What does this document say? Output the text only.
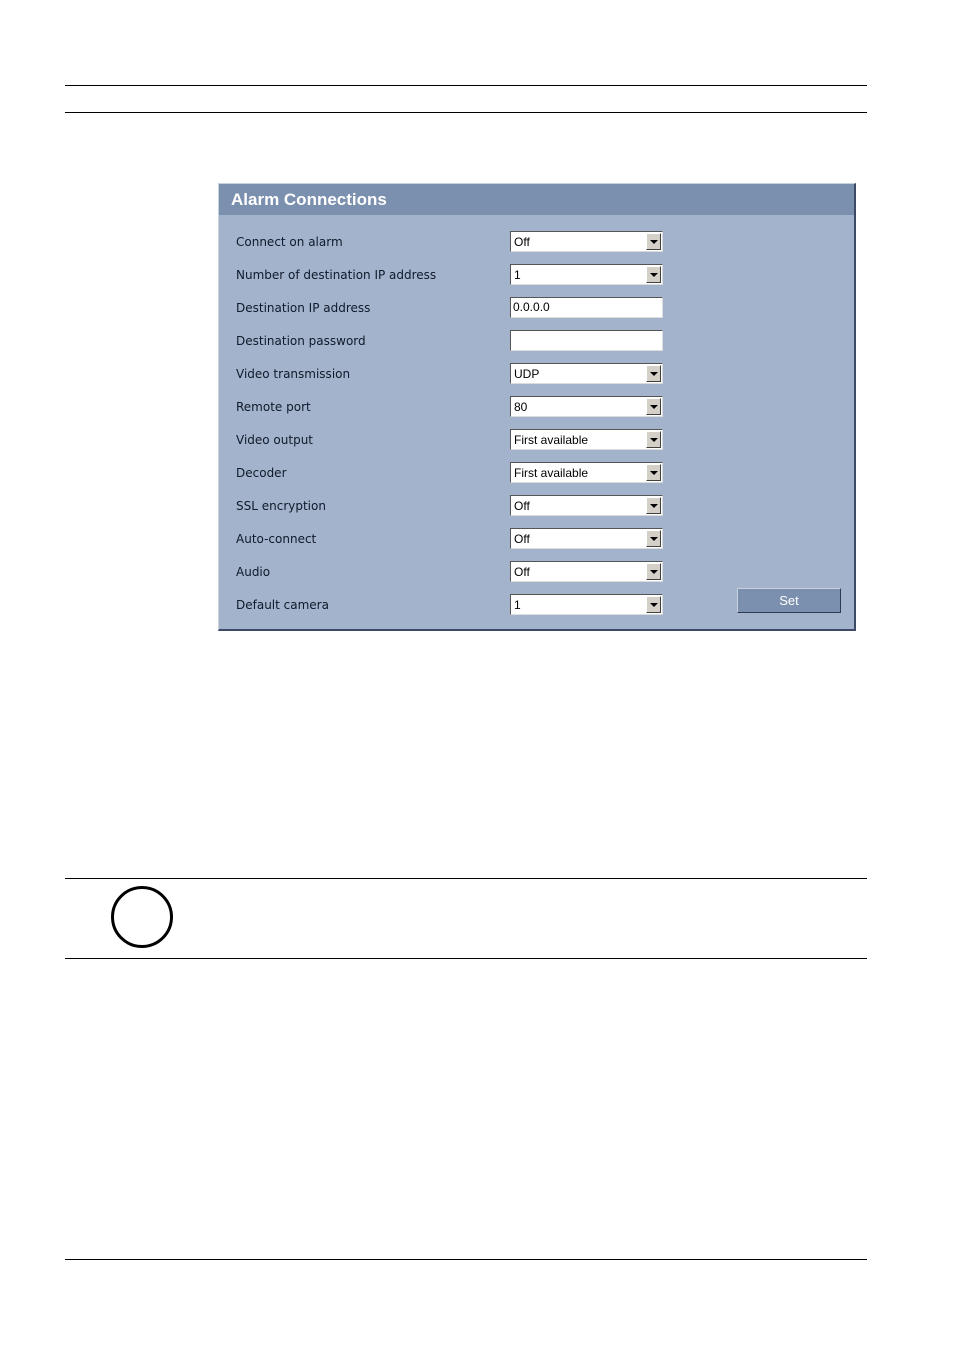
Alarm Connections
Connect on alarm	Off
Number of destination IP address	1
Destination IP address	0.0.0.0
Destination password
Video transmission	UDP
Remote port	80
Video output	First available
Decoder	First available
SSL encryption	Off
Auto-connect	Off
Audio	Off
Default camera	1	Set
